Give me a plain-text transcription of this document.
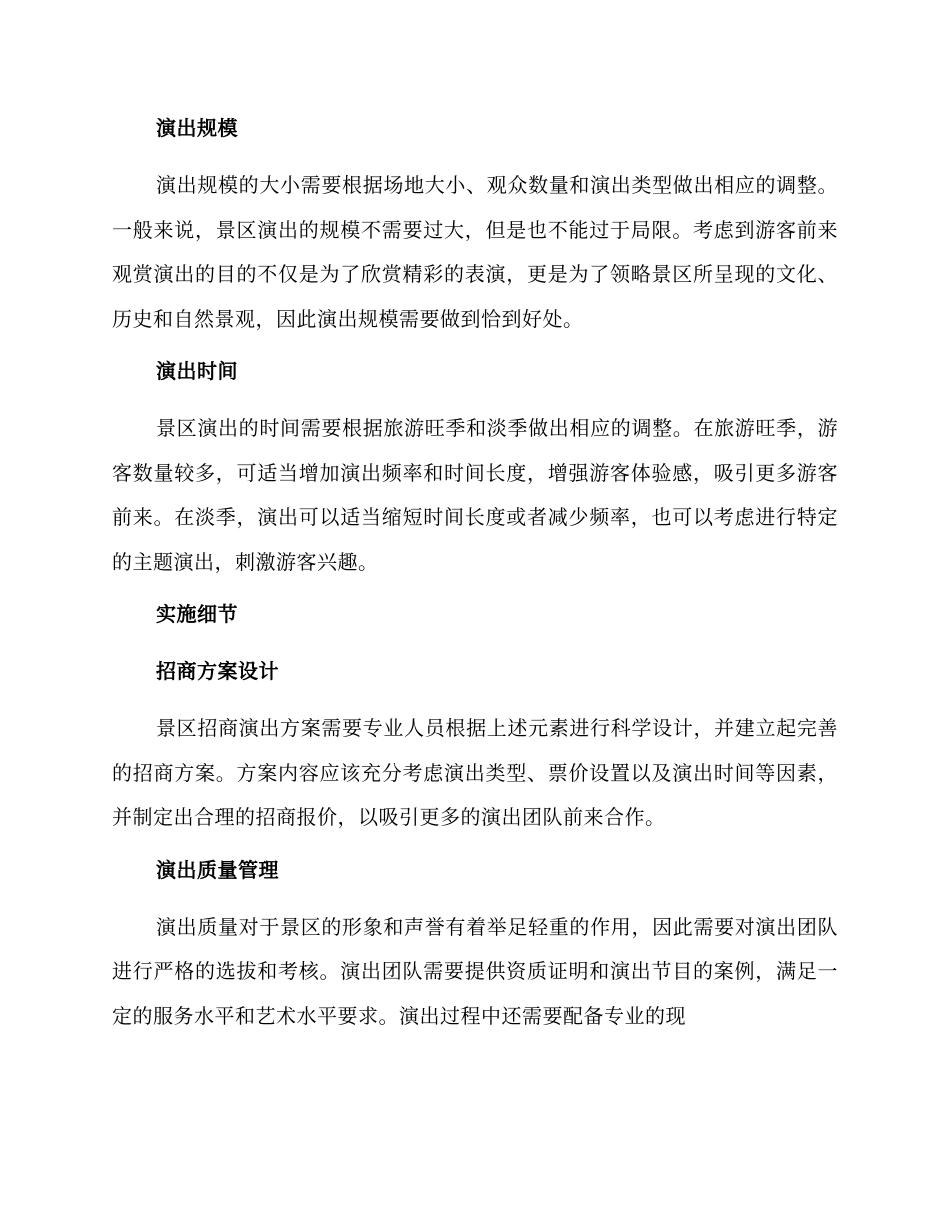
演出规模
演出规模的大小需要根据场地大小、观众数量和演出类型做出相应的调整。一般来说，景区演出的规模不需要过大，但是也不能过于局限。考虑到游客前来观赏演出的目的不仅是为了欣赏精彩的表演，更是为了领略景区所呈现的文化、历史和自然景观，因此演出规模需要做到恰到好处。
演出时间
景区演出的时间需要根据旅游旺季和淡季做出相应的调整。在旅游旺季，游客数量较多，可适当增加演出频率和时间长度，增强游客体验感，吸引更多游客前来。在淡季，演出可以适当缩短时间长度或者减少频率，也可以考虑进行特定的主题演出，刺激游客兴趣。
实施细节
招商方案设计
景区招商演出方案需要专业人员根据上述元素进行科学设计，并建立起完善的招商方案。方案内容应该充分考虑演出类型、票价设置以及演出时间等因素，并制定出合理的招商报价，以吸引更多的演出团队前来合作。
演出质量管理
演出质量对于景区的形象和声誉有着举足轻重的作用，因此需要对演出团队进行严格的选拔和考核。演出团队需要提供资质证明和演出节目的案例，满足一定的服务水平和艺术水平要求。演出过程中还需要配备专业的现
